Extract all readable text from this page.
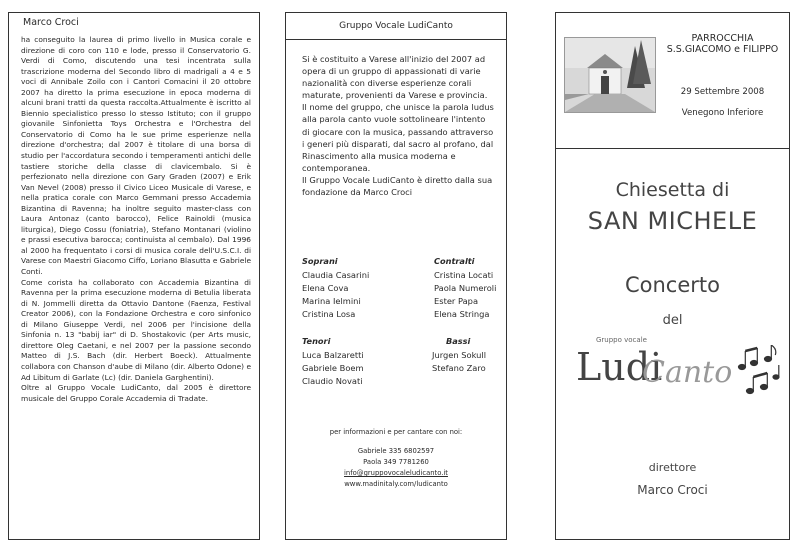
Marco Croci

ha conseguito la laurea di primo livello in Musica corale e direzione di coro con 110 e lode, presso il Conservatorio G. Verdi di Como, discutendo una tesi incentrata sulla trascrizione moderna del Secondo libro di madrigali a 4 e 5 voci di Annibale Zoilo con i Cantori Comacini il 20 ottobre 2007 ha diretto la prima esecuzione in epoca moderna di alcuni brani tratti da questa raccolta.Attualmente è iscritto al Biennio specialistico presso lo stesso Istituto; con il gruppo giovanile Sinfonietta Toys Orchestra e l'Orchestra del Conservatorio di Como ha le sue prime esperienze nella direzione d'orchestra; dal 2007 è titolare di una borsa di studio per l'accordatura secondo i temperamenti antichi delle tastiere storiche della classe di clavicembalo. Si è perfezionato nella direzione con Gary Graden (2007) e Erik Van Nevel (2008) presso il Civico Liceo Musicale di Varese, e nella pratica corale con Marco Gemmani presso Accademia Bizantina di Ravenna; ha inoltre seguito master-class con Laura Antonaz (canto barocco), Felice Rainoldi (musica liturgica), Diego Cossu (foniatria), Stefano Montanari (violino e prassi esecutiva barocca; continuista al cembalo). Dal 1996 al 2000 ha frequentato i corsi di musica corale dell'U.S.C.I. di Varese con Maestri Giacomo Ciffo, Loriano Blasutta e Gabriele Conti.

Come corista ha collaborato con Accademia Bizantina di Ravenna per la prima esecuzione moderna di Betulia liberata di N. Jommelli diretta da Ottavio Dantone (Faenza, Festival Creator 2006), con la Fondazione Orchestra e coro sinfonico di Milano Giuseppe Verdi, nel 2006 per l'incisione della Sinfonia n. 13 "babij iar" di D. Shostakovic (per Arts music, direttore Oleg Caetani, e nel 2007 per la passione secondo Matteo di J.S. Bach (dir. Herbert Boeck). Attualmente collabora con Chanson d'aube di Milano (dir. Alberto Odone) e Ad Libitum di Garlate (Lc) (dir. Daniela Garghentini).

Oltre al Gruppo Vocale LudiCanto, dal 2005 è direttore musicale del Gruppo Corale Accademia di Tradate.

Gruppo Vocale LudiCanto

Si è costituito a Varese all'inizio del 2007 ad opera di un gruppo di appassionati di varie nazionalità con diverse esperienze corali maturate, provenienti da Varese e provincia. Il nome del gruppo, che unisce la parola ludus alla parola canto vuole sottolineare l'intento di giocare con la musica, passando attraverso i generi più disparati, dal sacro al profano, dal Rinascimento alla musica moderna e contemporanea.

Il Gruppo Vocale LudiCanto è diretto dalla sua fondazione da Marco Croci

Soprani
Claudia Casarini
Elena Cova
Marina Ielmini
Cristina Losa
Contralti
Cristina Locati
Paola Numeroli
Ester Papa
Elena Stringa
Tenori
Luca Balzaretti
Gabriele Boem
Claudio Novati
Bassi
Jurgen Sokull
Stefano Zaro
per informazioni e per cantare con noi:
Gabriele 335 6802597
Paola 349 7781260
info@gruppovocaleludicanto.it
www.madinitaly.com/ludicanto
PARROCCHIA S.S.GIACOMO e FILIPPO
29 Settembre 2008
Venegono Inferiore
Chiesetta di
SAN MICHELE
Concerto
del
Gruppo vocale
Ludi
Canto
direttore
Marco Croci
